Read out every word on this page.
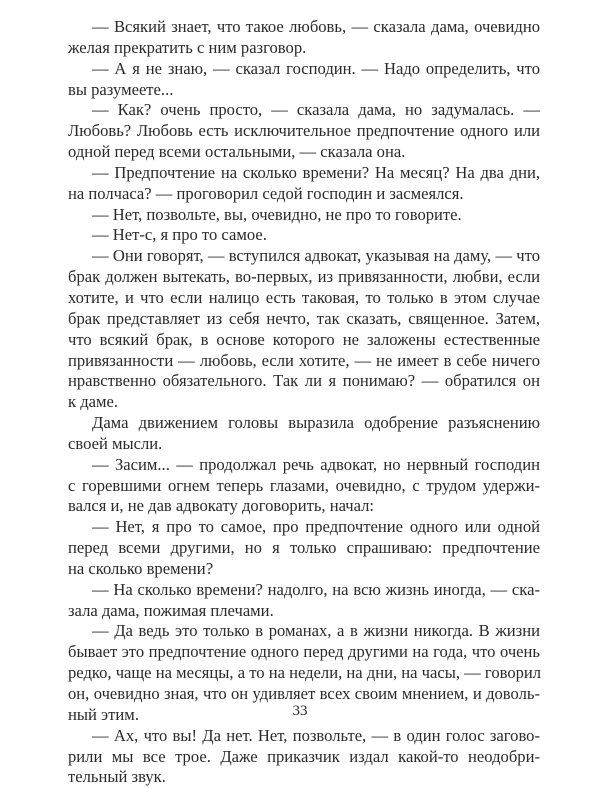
— Всякий знает, что такое любовь, — сказала дама, очевидно
желая прекратить с ним разговор.
— А я не знаю, — сказал господин. — Надо определить, что
вы разумеете...
— Как? очень просто, — сказала дама, но задумалась. —
Любовь? Любовь есть исключительное предпочтение одного или
одной перед всеми остальными, — сказала она.
— Предпочтение на сколько времени? На месяц? На два дни,
на полчаса? — проговорил седой господин и засмеялся.
— Нет, позвольте, вы, очевидно, не про то говорите.
— Нет-с, я про то самое.
— Они говорят, — вступился адвокат, указывая на даму, — что
брак должен вытекать, во-первых, из привязанности, любви, если
хотите, и что если налицо есть таковая, то только в этом случае
брак представляет из себя нечто, так сказать, священное. Затем,
что всякий брак, в основе которого не заложены естественные
привязанности — любовь, если хотите, — не имеет в себе ничего
нравственно обязательного. Так ли я понимаю? — обратился он
к даме.
Дама движением головы выразила одобрение разъяснению
своей мысли.
— Засим... — продолжал речь адвокат, но нервный господин
с горевшими огнем теперь глазами, очевидно, с трудом удержи-
вался и, не дав адвокату договорить, начал:
— Нет, я про то самое, про предпочтение одного или одной
перед всеми другими, но я только спрашиваю: предпочтение
на сколько времени?
— На сколько времени? надолго, на всю жизнь иногда, — ска-
зала дама, пожимая плечами.
— Да ведь это только в романах, а в жизни никогда. В жизни
бывает это предпочтение одного перед другими на года, что очень
редко, чаще на месяцы, а то на недели, на дни, на часы, — говорил
он, очевидно зная, что он удивляет всех своим мнением, и доволь-
ный этим.
— Ах, что вы! Да нет. Нет, позвольте, — в один голос загово-
рили мы все трое. Даже приказчик издал какой-то неодобри-
тельный звук.
33
